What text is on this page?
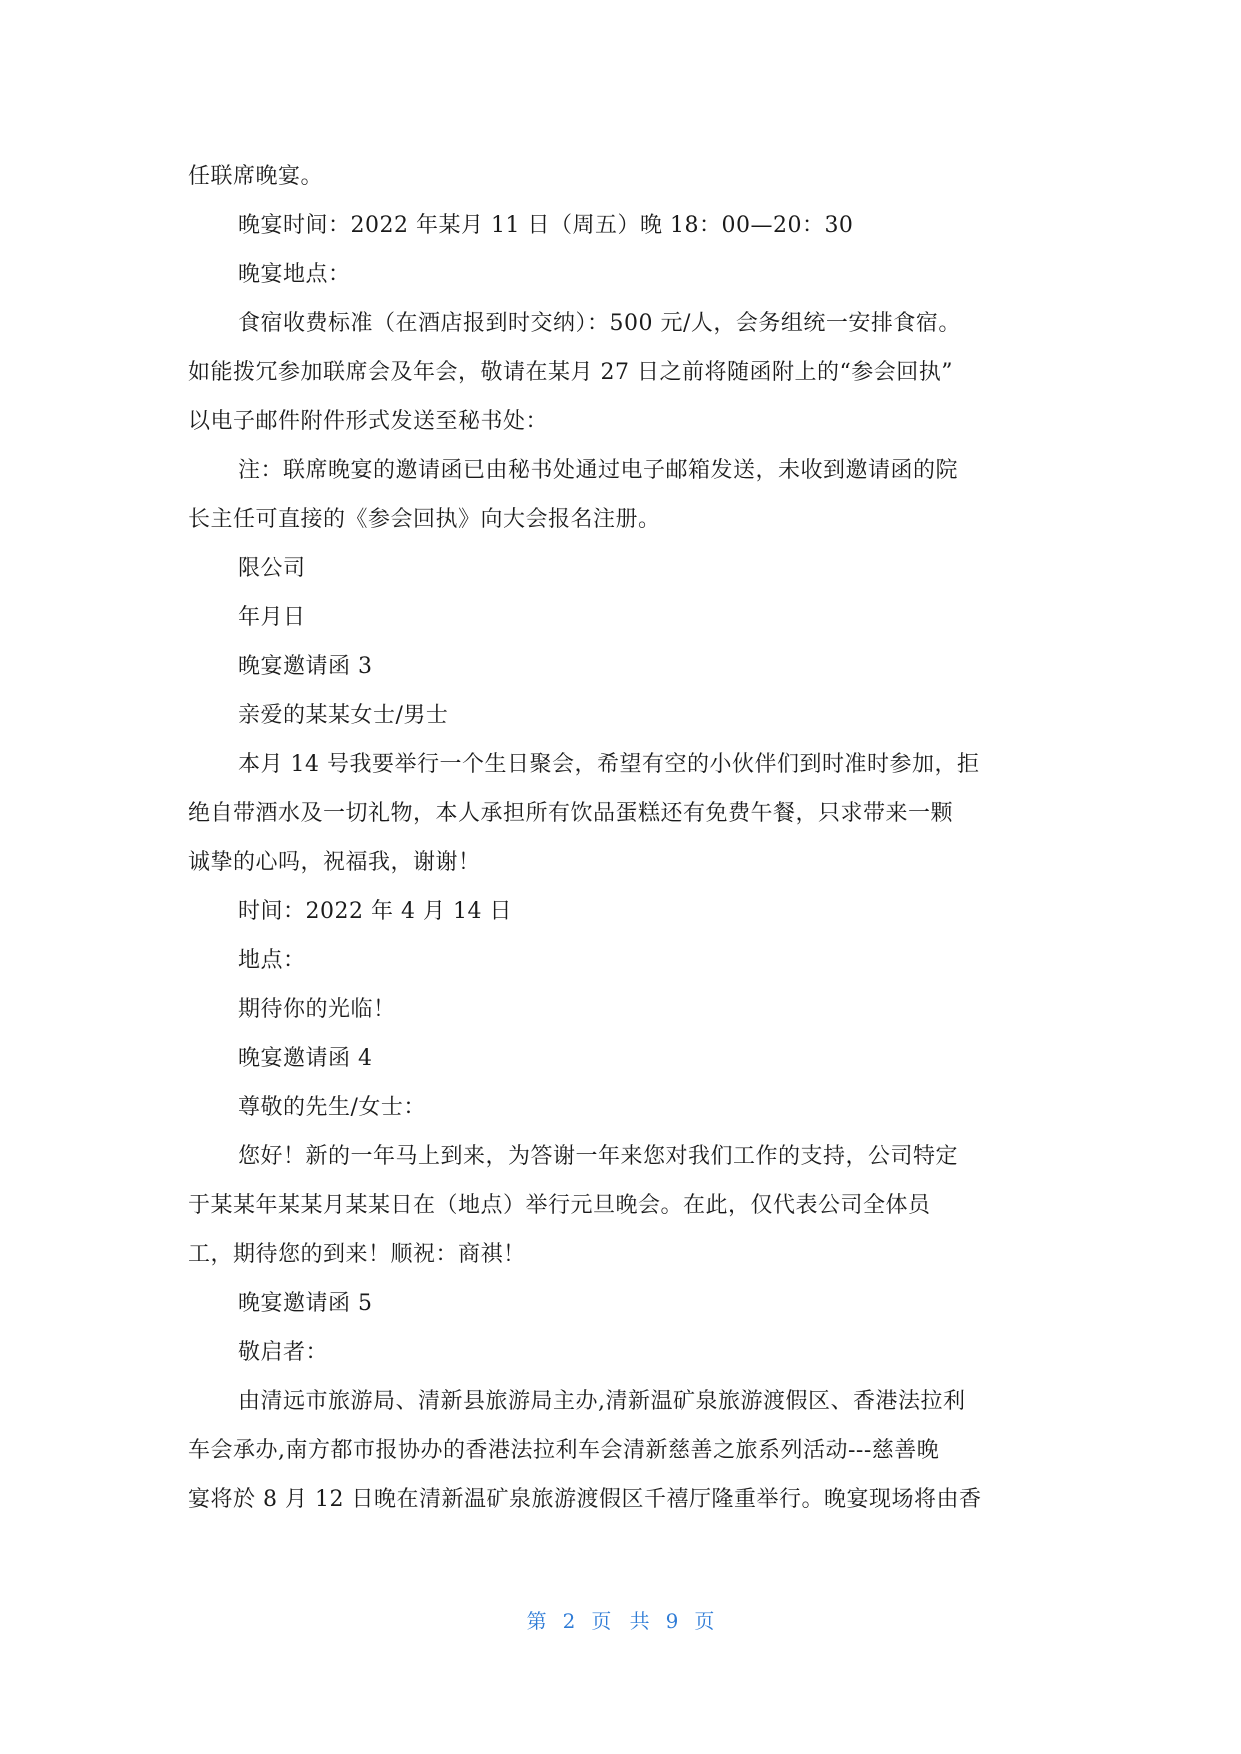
任联席晚宴。
晚宴时间：2022 年某月 11 日（周五）晚 18：00—20：30
晚宴地点：
食宿收费标准（在酒店报到时交纳）：500 元/人，会务组统一安排食宿。
如能拨冗参加联席会及年会，敬请在某月 27 日之前将随函附上的“参会回执”
以电子邮件附件形式发送至秘书处：
注：联席晚宴的邀请函已由秘书处通过电子邮箱发送，未收到邀请函的院
长主任可直接的《参会回执》向大会报名注册。
限公司
年月日
晚宴邀请函 3
亲爱的某某女士/男士
本月 14 号我要举行一个生日聚会，希望有空的小伙伴们到时准时参加，拒
绝自带酒水及一切礼物，本人承担所有饮品蛋糕还有免费午餐，只求带来一颗
诚挚的心吗，祝福我，谢谢！
时间：2022 年 4 月 14 日
地点：
期待你的光临！
晚宴邀请函 4
尊敬的先生/女士：
您好！新的一年马上到来，为答谢一年来您对我们工作的支持，公司特定
于某某年某某月某某日在（地点）举行元旦晚会。在此，仅代表公司全体员
工，期待您的到来！顺祝：商祺！
晚宴邀请函 5
敬启者：
由清远市旅游局、清新县旅游局主办,清新温矿泉旅游渡假区、香港法拉利
车会承办,南方都市报协办的香港法拉利车会清新慈善之旅系列活动---慈善晚
宴将於 8 月 12 日晚在清新温矿泉旅游渡假区千禧厅隆重举行。晚宴现场将由香
第 2 页 共 9 页
